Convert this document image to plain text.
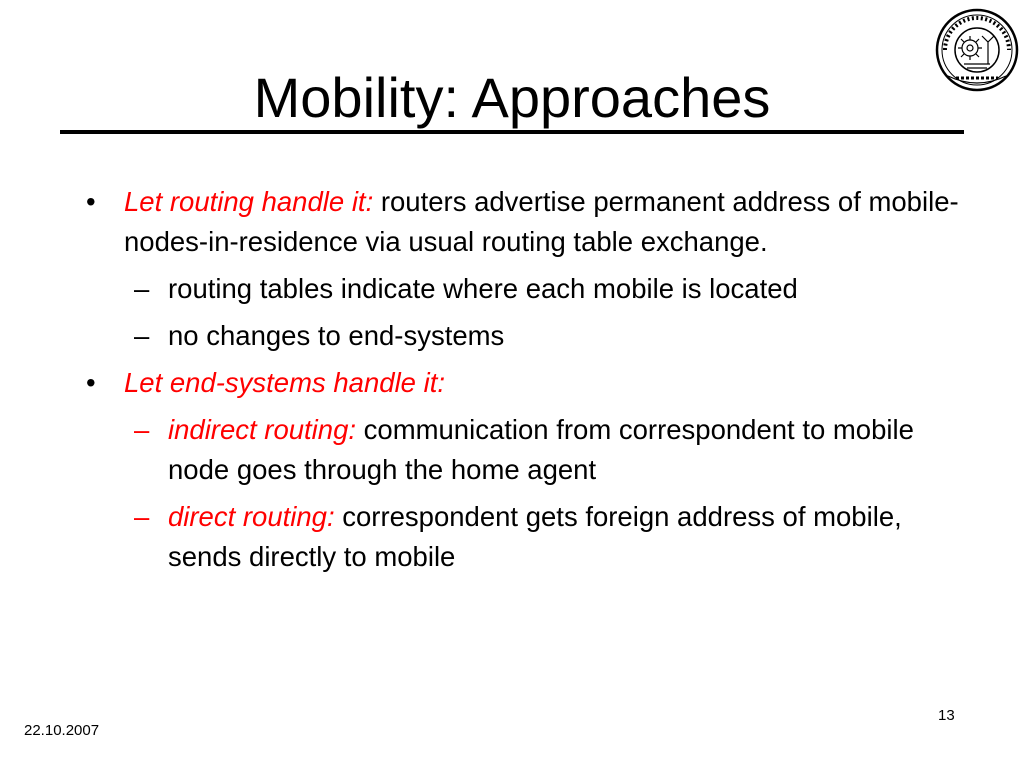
Mobility: Approaches
• Let routing handle it: routers advertise permanent address of mobile-nodes-in-residence via usual routing table exchange.
– routing tables indicate where each mobile is located
– no changes to end-systems
• Let end-systems handle it:
– indirect routing: communication from correspondent to mobile node goes through the home agent
– direct routing: correspondent gets foreign address of mobile, sends directly to mobile
22.10.2007
13
